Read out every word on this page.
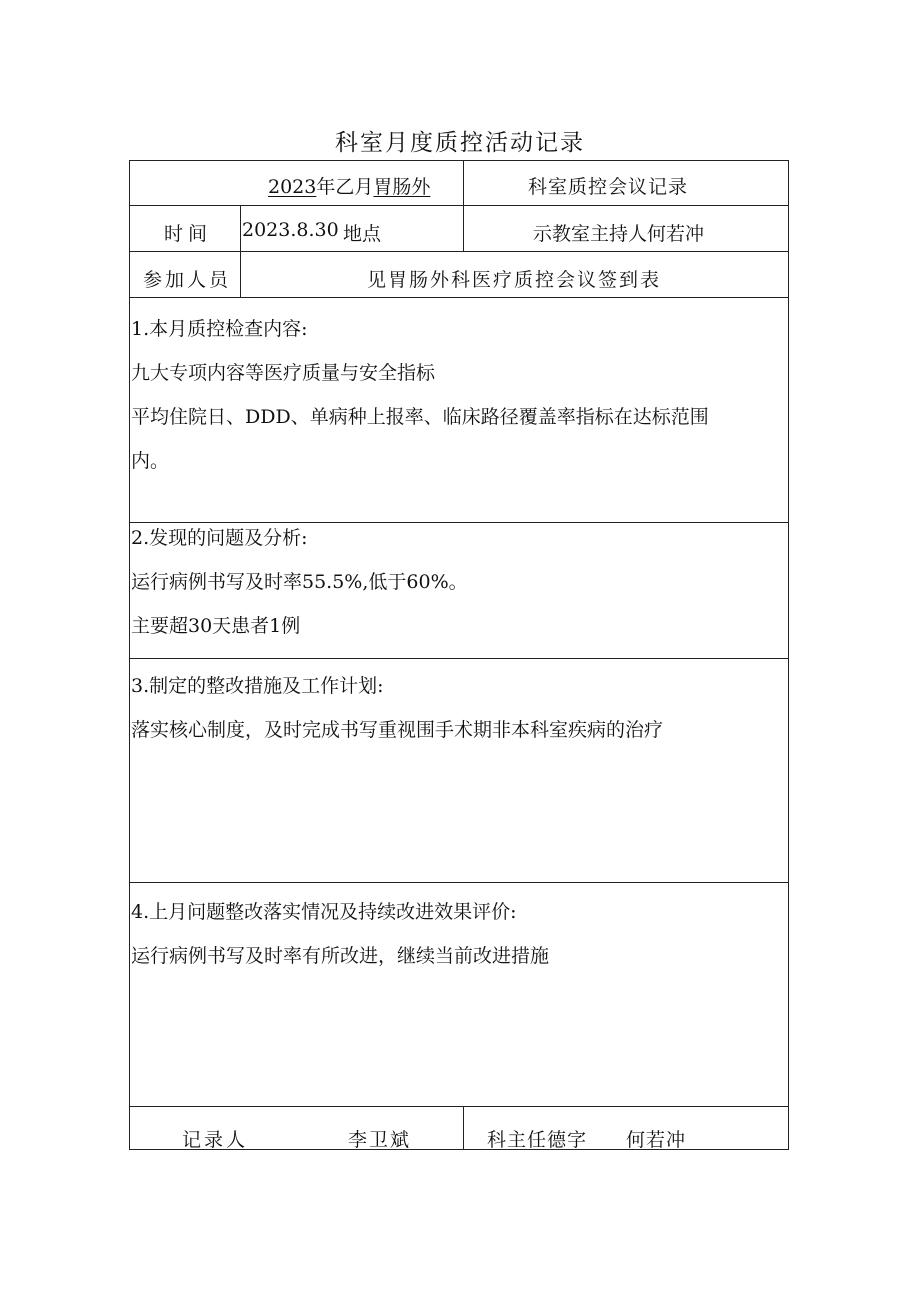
科室月度质控活动记录
2023年乙月胃肠外	科室质控会议记录
时间 2023.8.30 地点	示教室主持人何若冲
参加人员	见胃肠外科医疗质控会议签到表

1.本月质控检查内容:

九大专项内容等医疗质量与安全指标

平均住院日、DDD、单病种上报率、临床路径覆盖率指标在达标范围

内。

2.发现的问题及分析:

运行病例书写及时率55.5%,低于60%。

主要超30天患者1例

3.制定的整改措施及工作计划:

落实核心制度，及时完成书写重视围手术期非本科室疾病的治疗

4.上月问题整改落实情况及持续改进效果评价:

运行病例书写及时率有所改进，继续当前改进措施

记录人	李卫斌	科主任德字 何若冲
